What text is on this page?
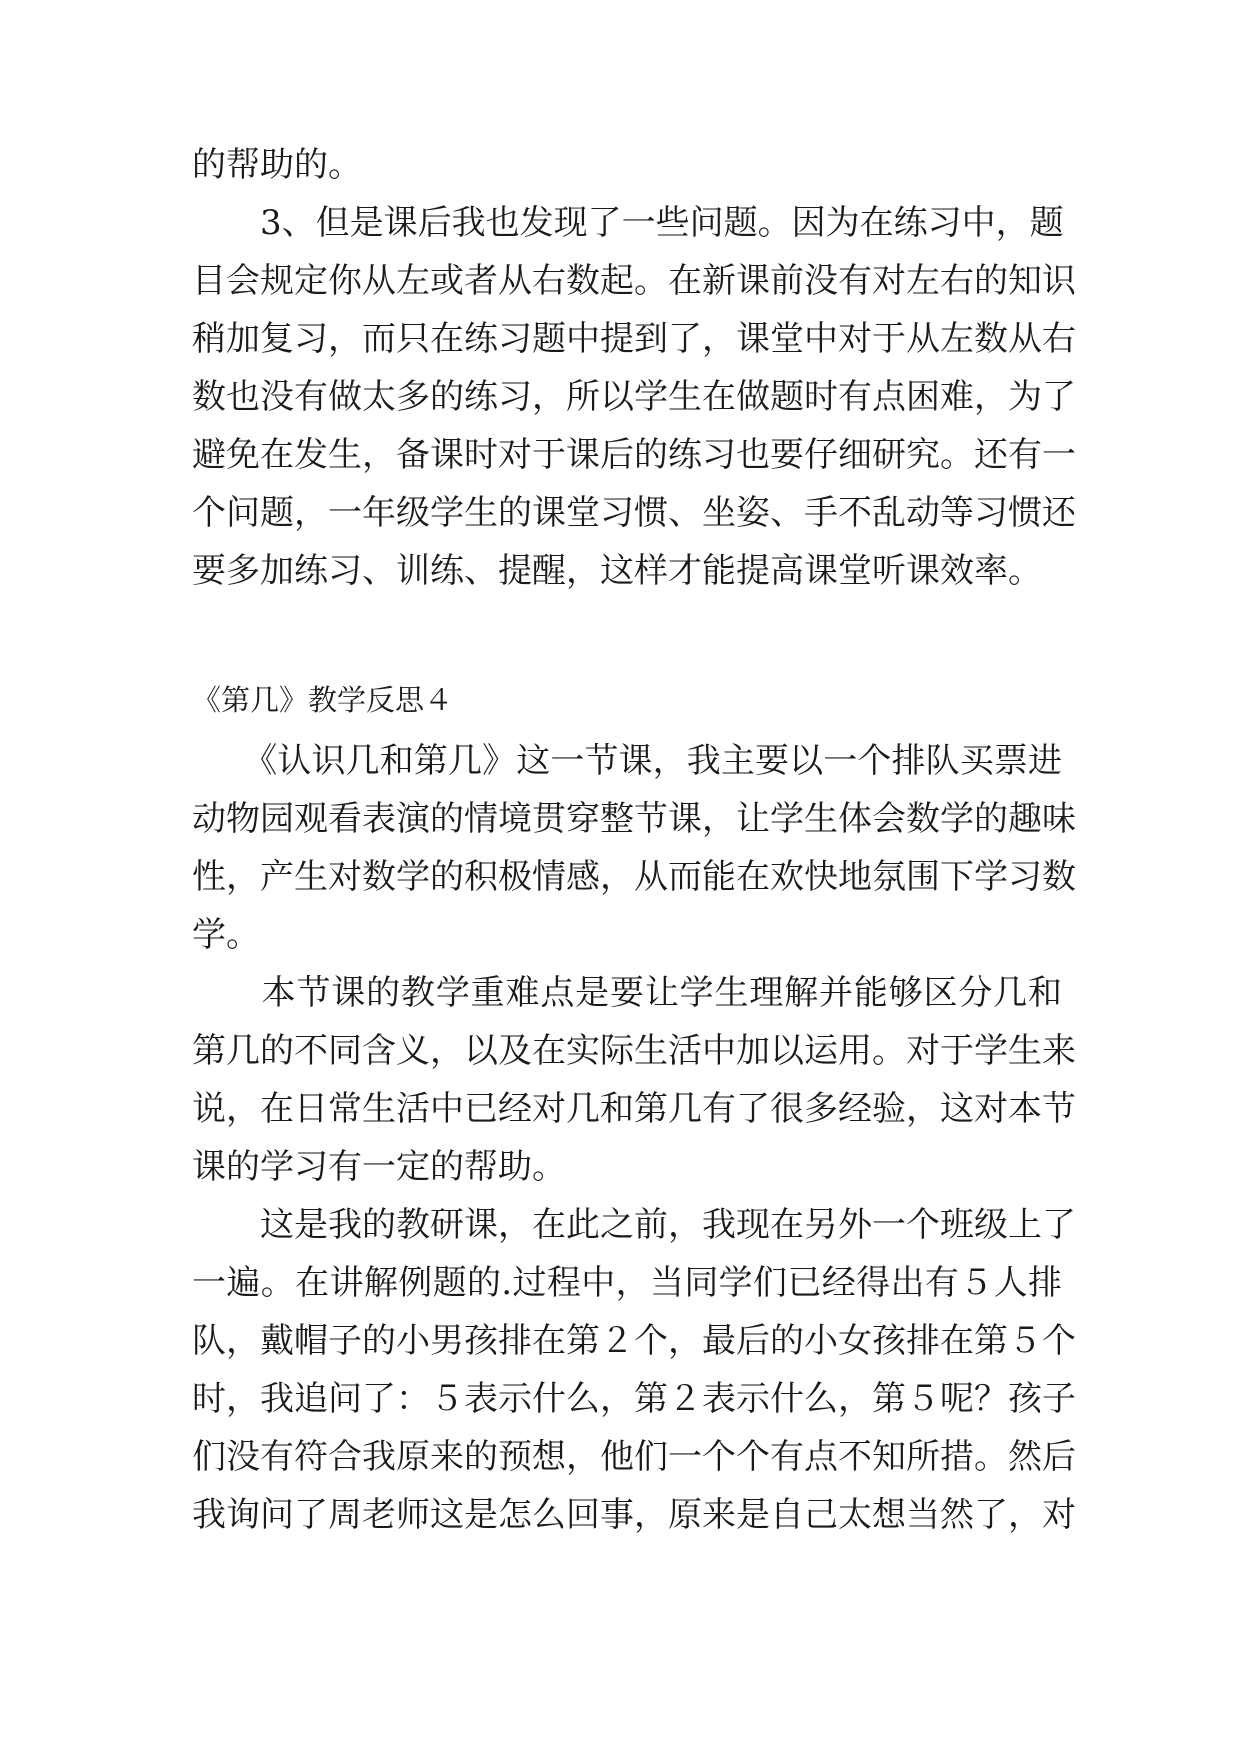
的帮助的。
　　3、但是课后我也发现了一些问题。因为在练习中，题
目会规定你从左或者从右数起。在新课前没有对左右的知识
稍加复习，而只在练习题中提到了，课堂中对于从左数从右
数也没有做太多的练习，所以学生在做题时有点困难，为了
避免在发生，备课时对于课后的练习也要仔细研究。还有一
个问题，一年级学生的课堂习惯、坐姿、手不乱动等习惯还
要多加练习、训练、提醒，这样才能提高课堂听课效率。
《第几》教学反思４
　　《认识几和第几》这一节课，我主要以一个排队买票进
动物园观看表演的情境贯穿整节课，让学生体会数学的趣味
性，产生对数学的积极情感，从而能在欢快地氛围下学习数
学。
　　本节课的教学重难点是要让学生理解并能够区分几和
第几的不同含义，以及在实际生活中加以运用。对于学生来
说，在日常生活中已经对几和第几有了很多经验，这对本节
课的学习有一定的帮助。
　　这是我的教研课，在此之前，我现在另外一个班级上了
一遍。在讲解例题的.过程中，当同学们已经得出有５人排
队，戴帽子的小男孩排在第２个，最后的小女孩排在第５个
时，我追问了：５表示什么，第２表示什么，第５呢？孩子
们没有符合我原来的预想，他们一个个有点不知所措。然后
我询问了周老师这是怎么回事，原来是自己太想当然了，对
